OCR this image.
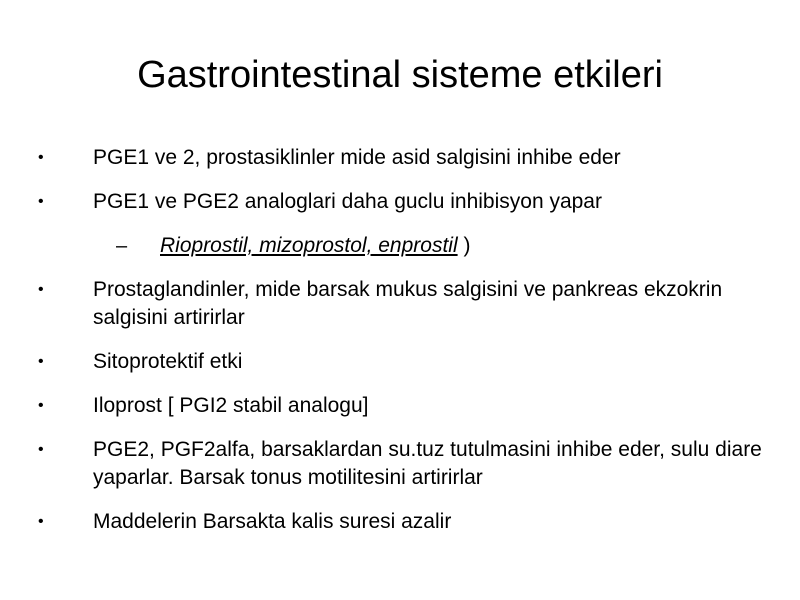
Gastrointestinal sisteme etkileri
• PGE1 ve 2, prostasiklinler mide asid salgisini inhibe eder
• PGE1 ve PGE2 analoglari daha guclu inhibisyon yapar
– Rioprostil, mizoprostol, enprostil )
• Prostaglandinler, mide barsak mukus salgisini ve pankreas ekzokrin salgisini artirirlar
• Sitoprotektif etki
• Iloprost [ PGI2 stabil analogu]
• PGE2, PGF2alfa, barsaklardan su.tuz tutulmasini inhibe eder, sulu diare yaparlar. Barsak tonus motilitesini artirirlar
• Maddelerin Barsakta kalis suresi azalir
